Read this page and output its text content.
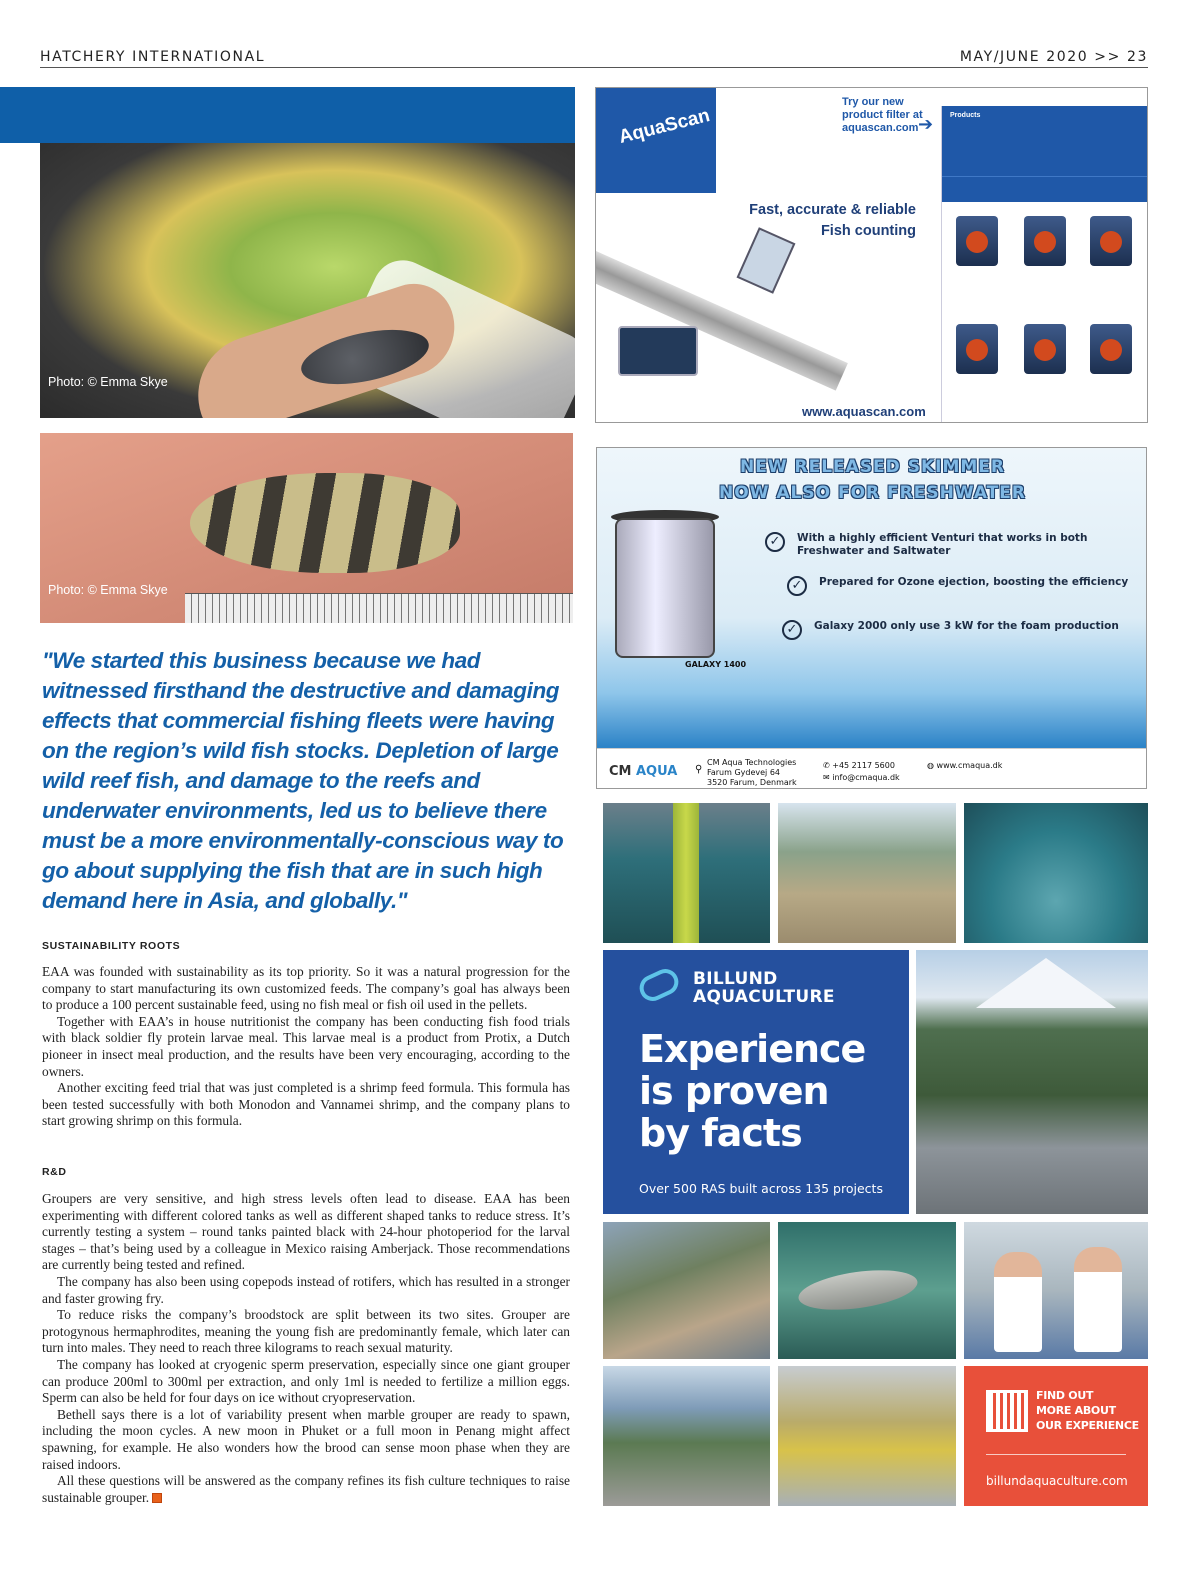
HATCHERY INTERNATIONAL	MAY/JUNE 2020 >> 23
Photo: © Emma Skye
Photo: © Emma Skye
"We started this business because we had witnessed firsthand the destructive and damaging effects that commercial fishing fleets were having on the region’s wild fish stocks. Depletion of large wild reef fish, and damage to the reefs and underwater environments, led us to believe there must be a more environmentally-conscious way to go about supplying the fish that are in such high demand here in Asia, and globally."
SUSTAINABILITY ROOTS

EAA was founded with sustainability as its top priority. So it was a natural progression for the company to start manufacturing its own customized feeds. The company’s goal has always been to produce a 100 percent sustainable feed, using no fish meal or fish oil used in the pellets.

Together with EAA’s in house nutritionist the company has been conducting fish food trials with black soldier fly protein larvae meal. This larvae meal is a product from Protix, a Dutch pioneer in insect meal production, and the results have been very encouraging, according to the owners.

Another exciting feed trial that was just completed is a shrimp feed formula. This formula has been tested successfully with both Monodon and Vannamei shrimp, and the company plans to start growing shrimp on this formula.

R&D

Groupers are very sensitive, and high stress levels often lead to disease. EAA has been experimenting with different colored tanks as well as different shaped tanks to reduce stress. It’s currently testing a system – round tanks painted black with 24-hour photoperiod for the larval stages – that’s being used by a colleague in Mexico raising Amberjack. Those recommendations are currently being tested and refined.

The company has also been using copepods instead of rotifers, which has resulted in a stronger and faster growing fry.

To reduce risks the company’s broodstock are split between its two sites. Grouper are protogynous hermaphrodites, meaning the young fish are predominantly female, which later can turn into males. They need to reach three kilograms to reach sexual maturity.

The company has looked at cryogenic sperm preservation, especially since one giant grouper can produce 200ml to 300ml per extraction, and only 1ml is needed to fertilize a million eggs. Sperm can also be held for four days on ice without cryopreservation.

Bethell says there is a lot of variability present when marble grouper are ready to spawn, including the moon cycles. A new moon in Phuket or a full moon in Penang might affect spawning, for example. He also wonders how the brood can sense moon phase when they are raised indoors.

All these questions will be answered as the company refines its fish culture techniques to raise sustainable grouper.

AquaScan
Try our new product filter at aquascan.com ➔
Fast, accurate & reliable
Fish counting
www.aquascan.com
Products
NEW RELEASED SKIMMER
NOW ALSO FOR FRESHWATER
GALAXY 1400
✓	With a highly efficient Venturi that works in both Freshwater and Saltwater
✓	Prepared for Ozone ejection, boosting the efficiency
✓	Galaxy 2000 only use 3 kW for the foam production
CM AQUA ⚲
CM Aqua Technologies
Farum Gydevej 64
3520 Farum, Denmark
✆ +45 2117 5600
✉ info@cmaqua.dk
◍ www.cmaqua.dk
BILLUND
AQUACULTURE
Experience
is proven
by facts
Over 500 RAS built across 135 projects
FIND OUT
MORE ABOUT
OUR EXPERIENCE
billundaquaculture.com
